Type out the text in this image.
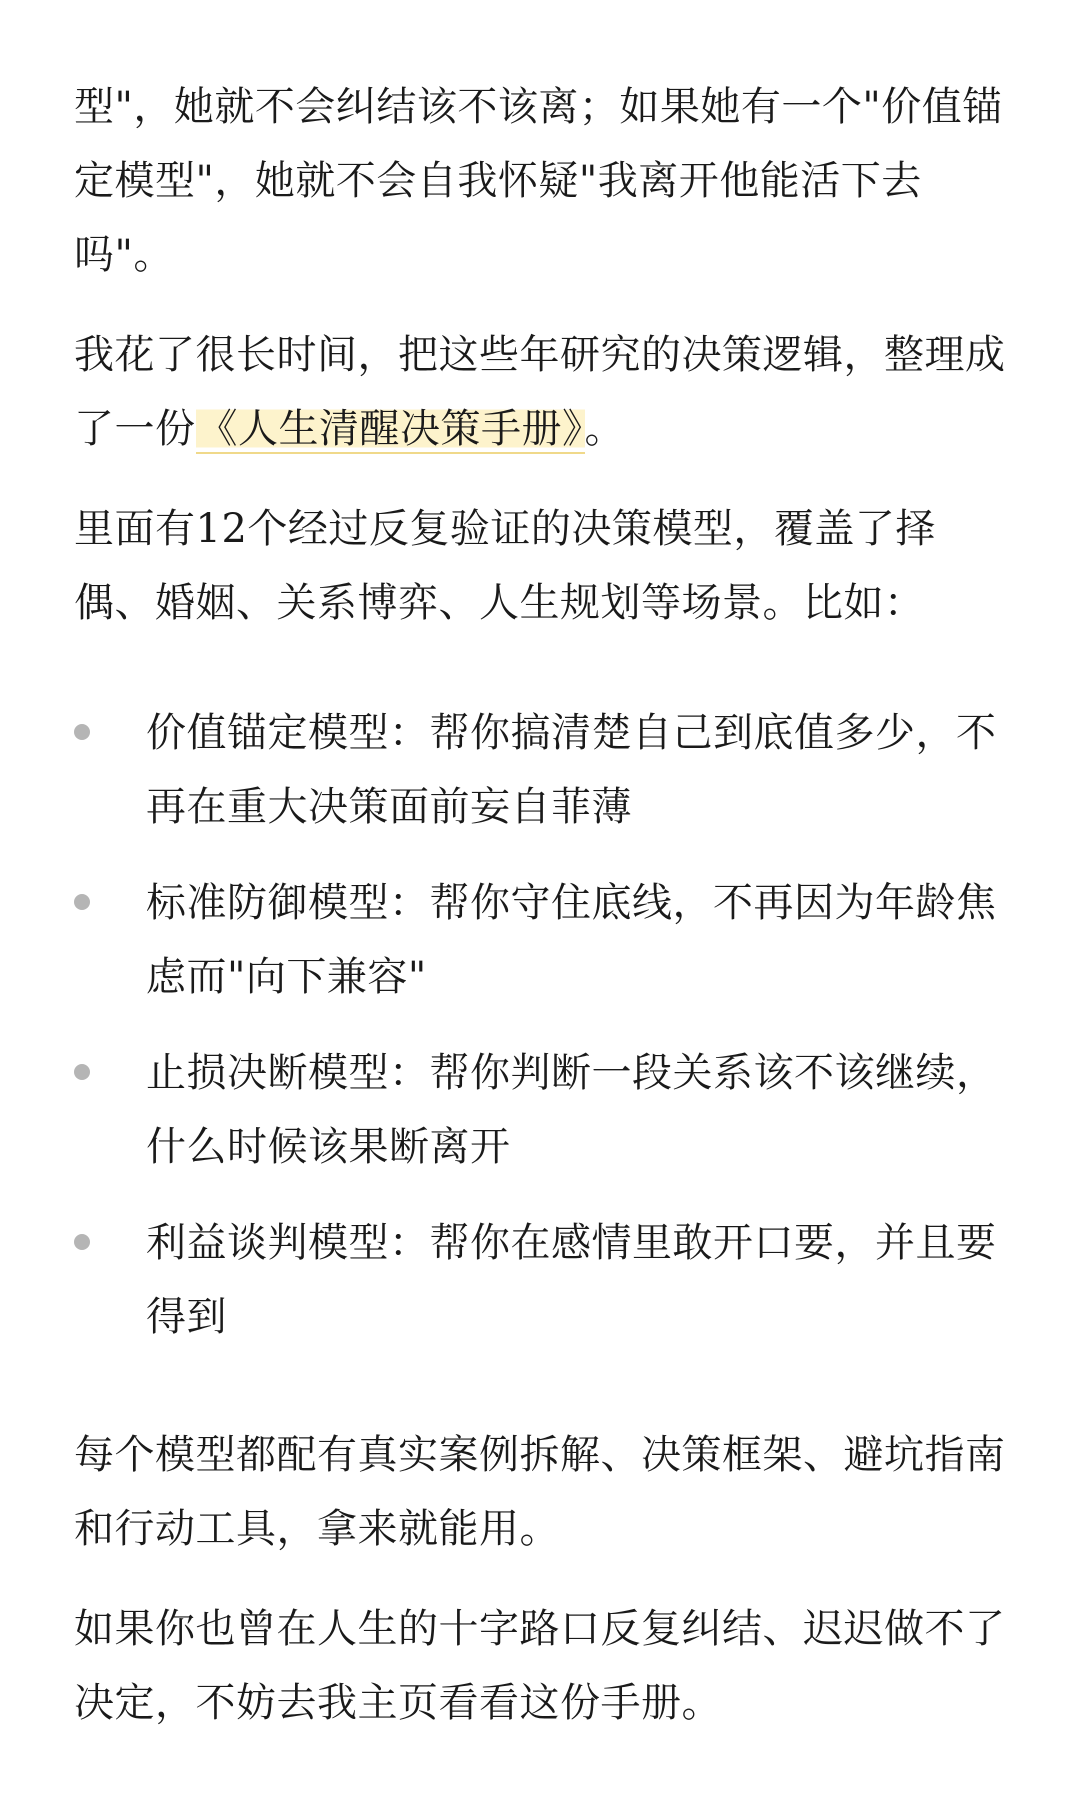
型"，她就不会纠结该不该离；如果她有一个"价值锚定模型"，她就不会自我怀疑"我离开他能活下去吗"。

我花了很长时间，把这些年研究的决策逻辑，整理成了一份《人生清醒决策手册》。

里面有12个经过反复验证的决策模型，覆盖了择偶、婚姻、关系博弈、人生规划等场景。比如：

价值锚定模型：帮你搞清楚自己到底值多少，不再在重大决策面前妄自菲薄
标准防御模型：帮你守住底线，不再因为年龄焦虑而"向下兼容"
止损决断模型：帮你判断一段关系该不该继续，什么时候该果断离开
利益谈判模型：帮你在感情里敢开口要，并且要得到

每个模型都配有真实案例拆解、决策框架、避坑指南和行动工具，拿来就能用。

如果你也曾在人生的十字路口反复纠结、迟迟做不了决定，不妨去我主页看看这份手册。
